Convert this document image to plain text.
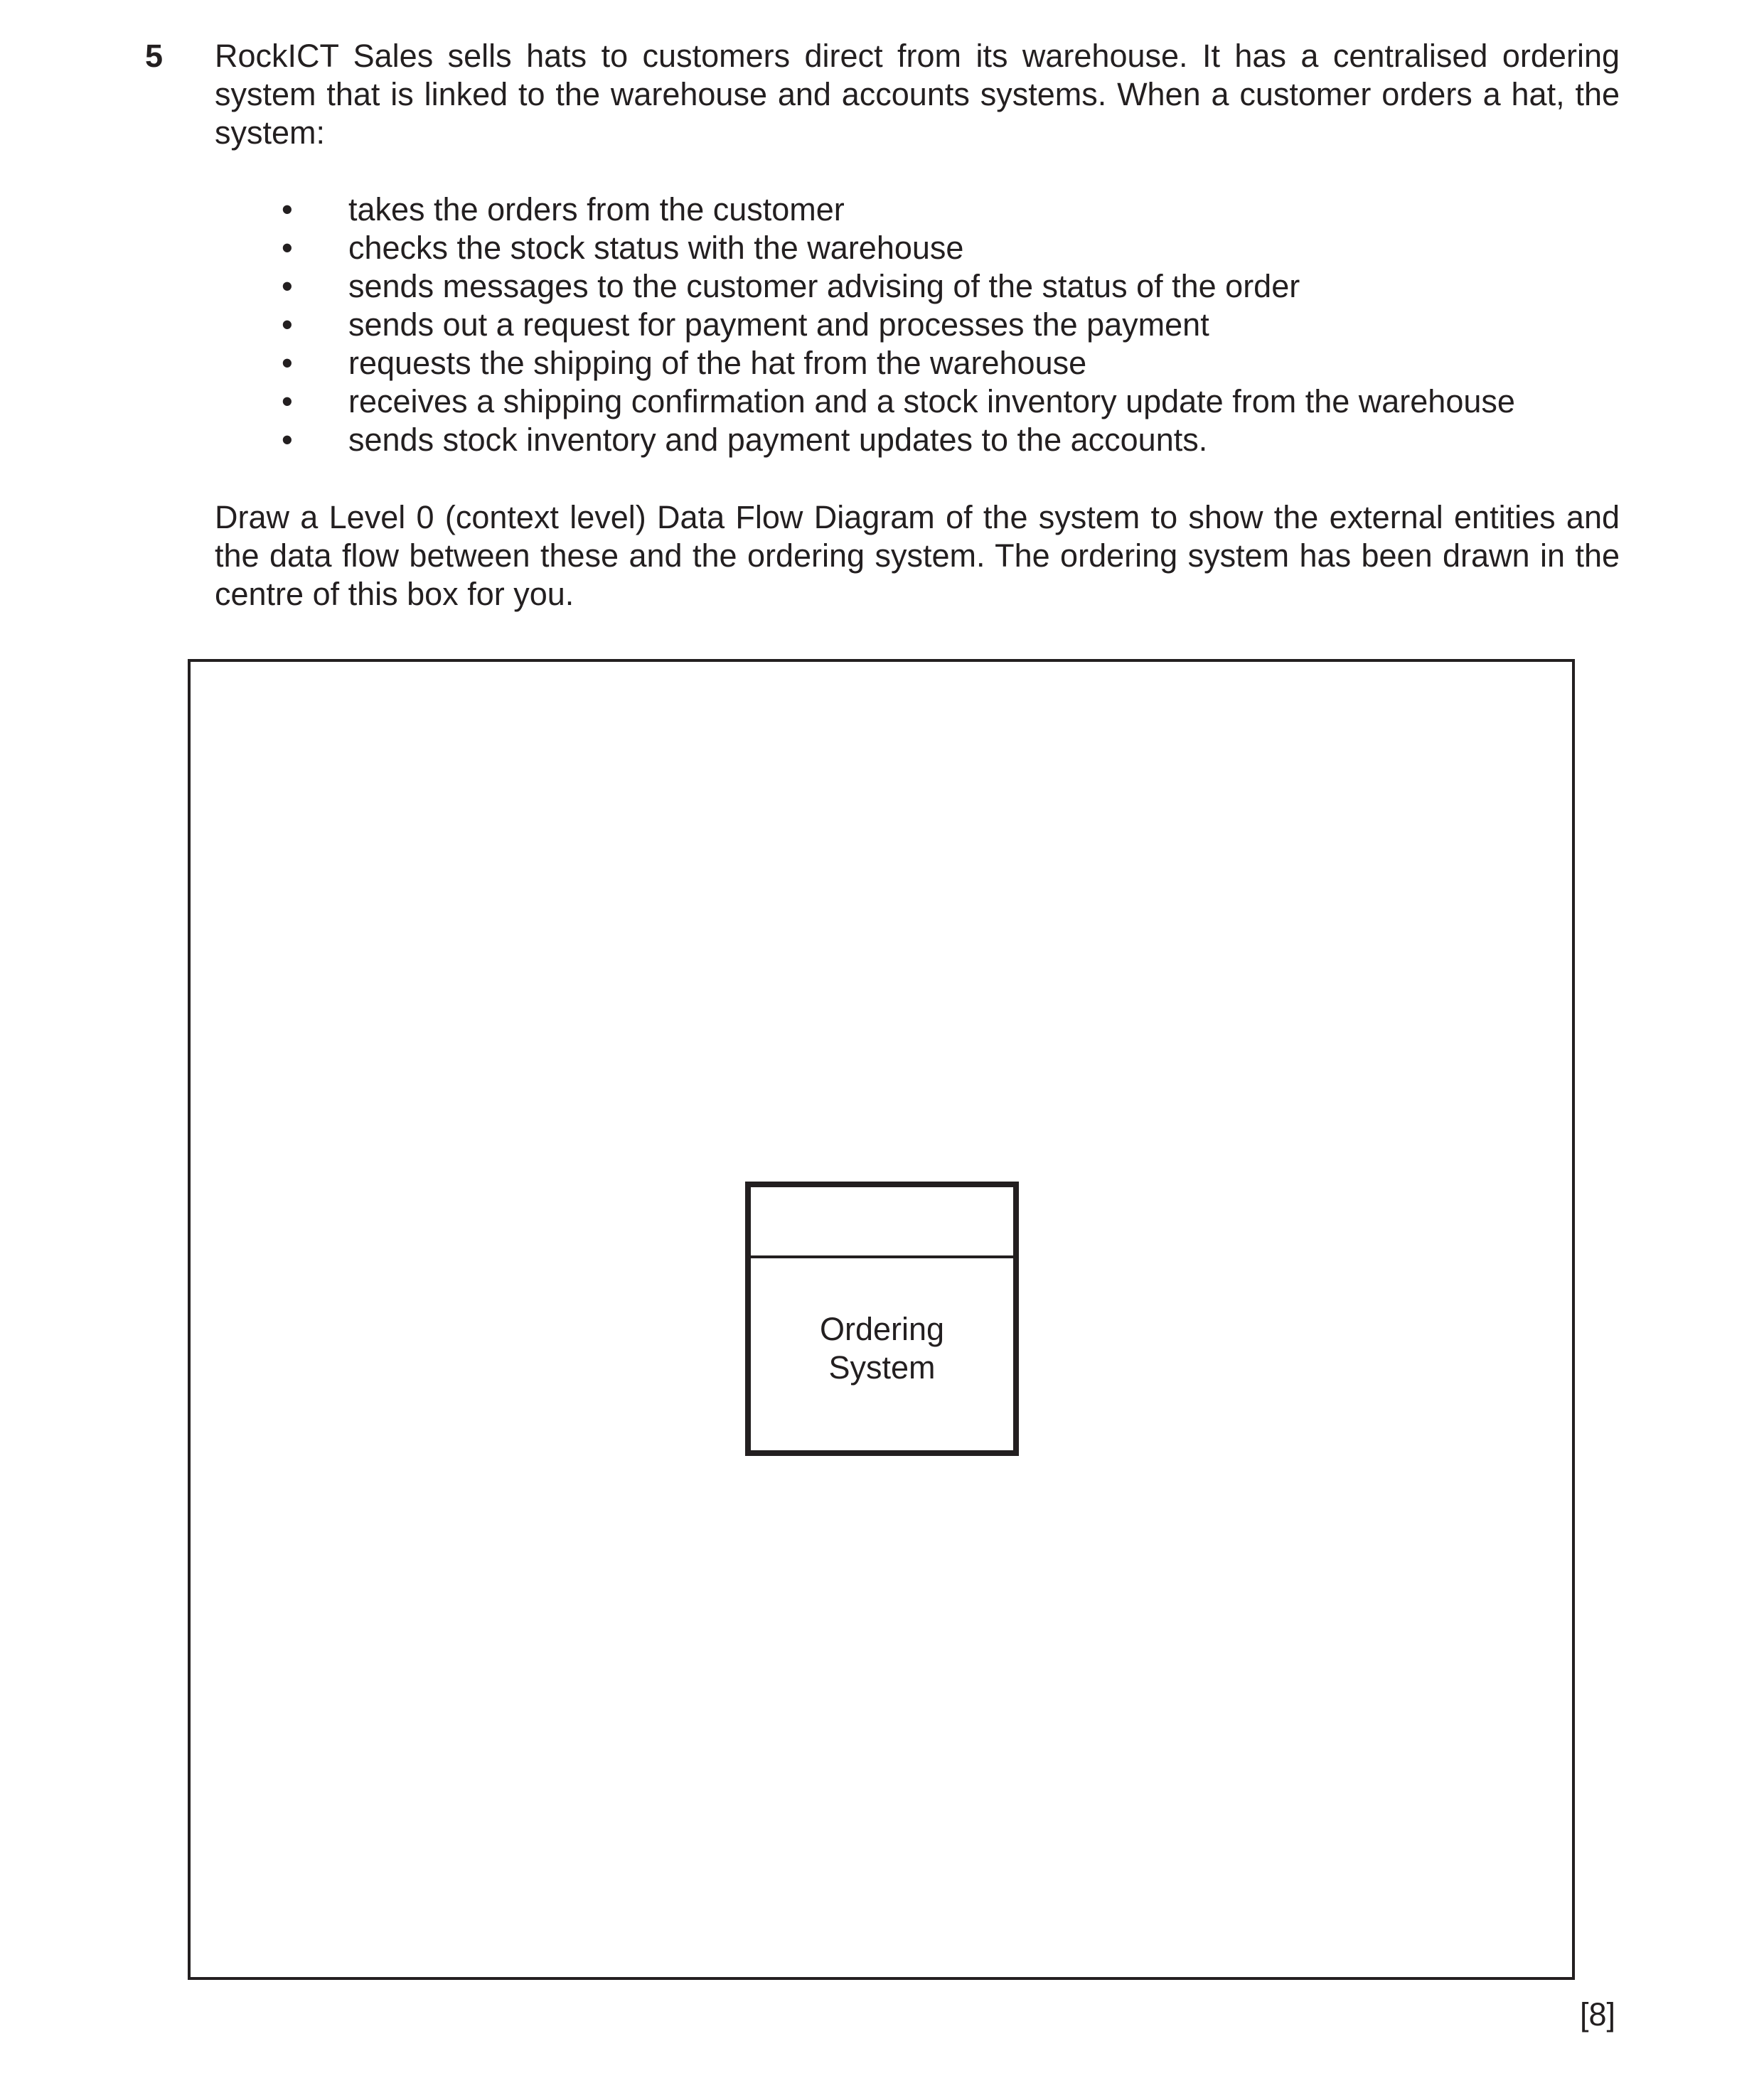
5 RockICT Sales sells hats to customers direct from its warehouse. It has a centralised ordering
system that is linked to the warehouse and accounts systems. When a customer orders a hat, the
system:
• takes the orders from the customer
• checks the stock status with the warehouse
• sends messages to the customer advising of the status of the order
• sends out a request for payment and processes the payment
• requests the shipping of the hat from the warehouse
• receives a shipping confirmation and a stock inventory update from the warehouse
• sends stock inventory and payment updates to the accounts.
Draw a Level 0 (context level) Data Flow Diagram of the system to show the external entities and
the data flow between these and the ordering system. The ordering system has been drawn in the
centre of this box for you.
Ordering
System
[8]
